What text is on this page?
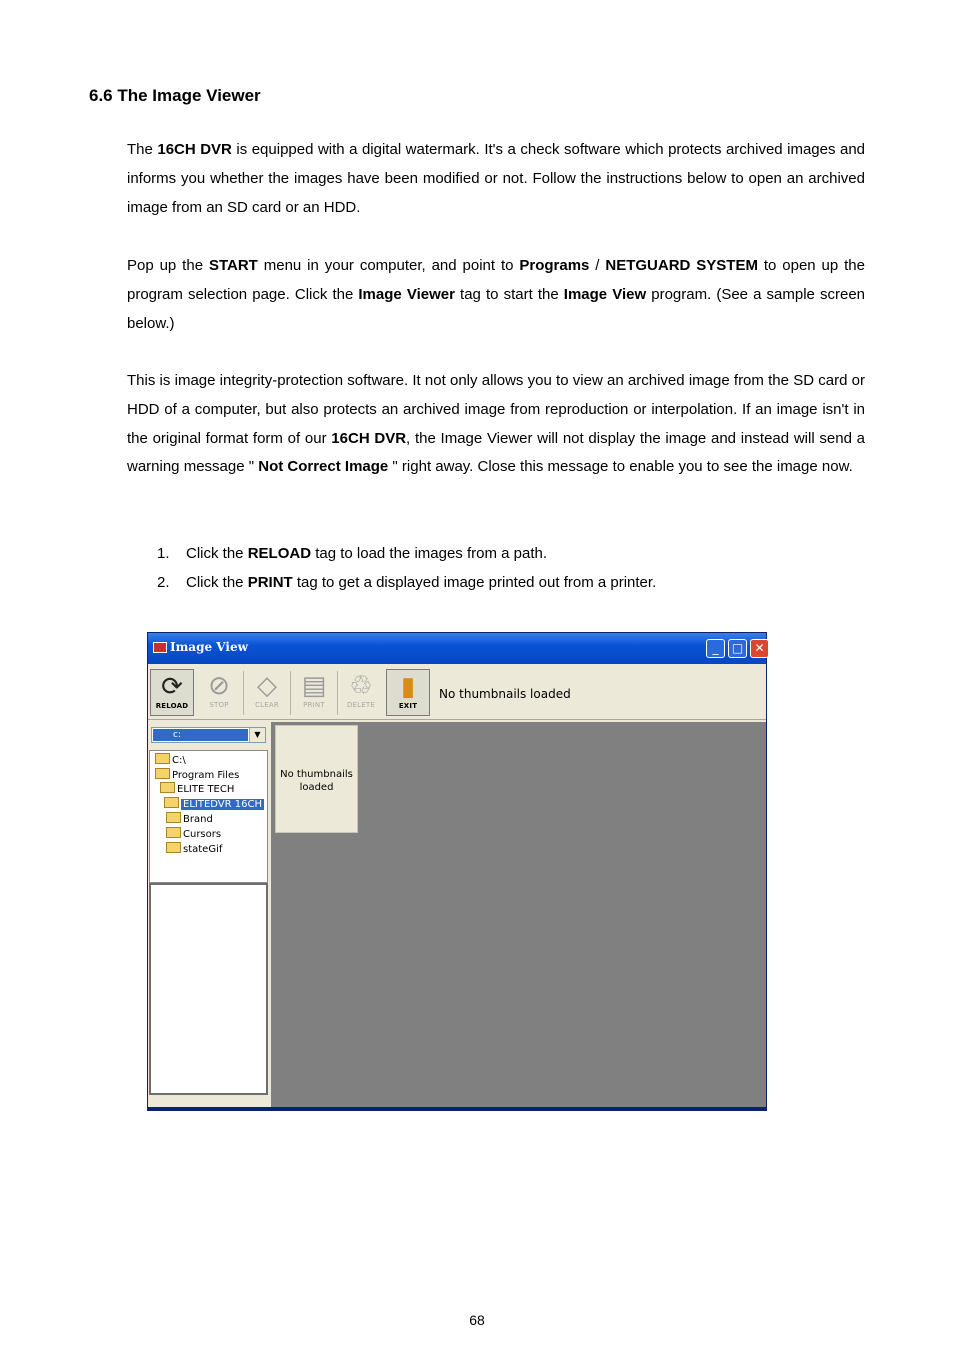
6.6 The Image Viewer

The 16CH DVR is equipped with a digital watermark. It's a check software which protects archived images and informs you whether the images have been modified or not. Follow the instructions below to open an archived image from an SD card or an HDD.

Pop up the START menu in your computer, and point to Programs / NETGUARD SYSTEM to open up the program selection page. Click the Image Viewer tag to start the Image View program. (See a sample screen below.)

This is image integrity-protection software. It not only allows you to view an archived image from the SD card or HDD of a computer, but also protects an archived image from reproduction or interpolation. If an image isn't in the original format form of our 16CH DVR, the Image Viewer will not display the image and instead will send a warning message " Not Correct Image " right away. Close this message to enable you to see the image now.

1. Click the RELOAD tag to load the images from a path.
2. Click the PRINT tag to get a displayed image printed out from a printer.
Image View	_	□ ✕
⟳
RELOAD
⊘
STOP
◇
CLEAR
▤
PRINT
♲
DELETE
▮
EXIT
No thumbnails loaded
c:	▼
C:\
Program Files
ELITE TECH
ELITEDVR 16CH
Brand
Cursors
stateGif
No thumbnails loaded
68
